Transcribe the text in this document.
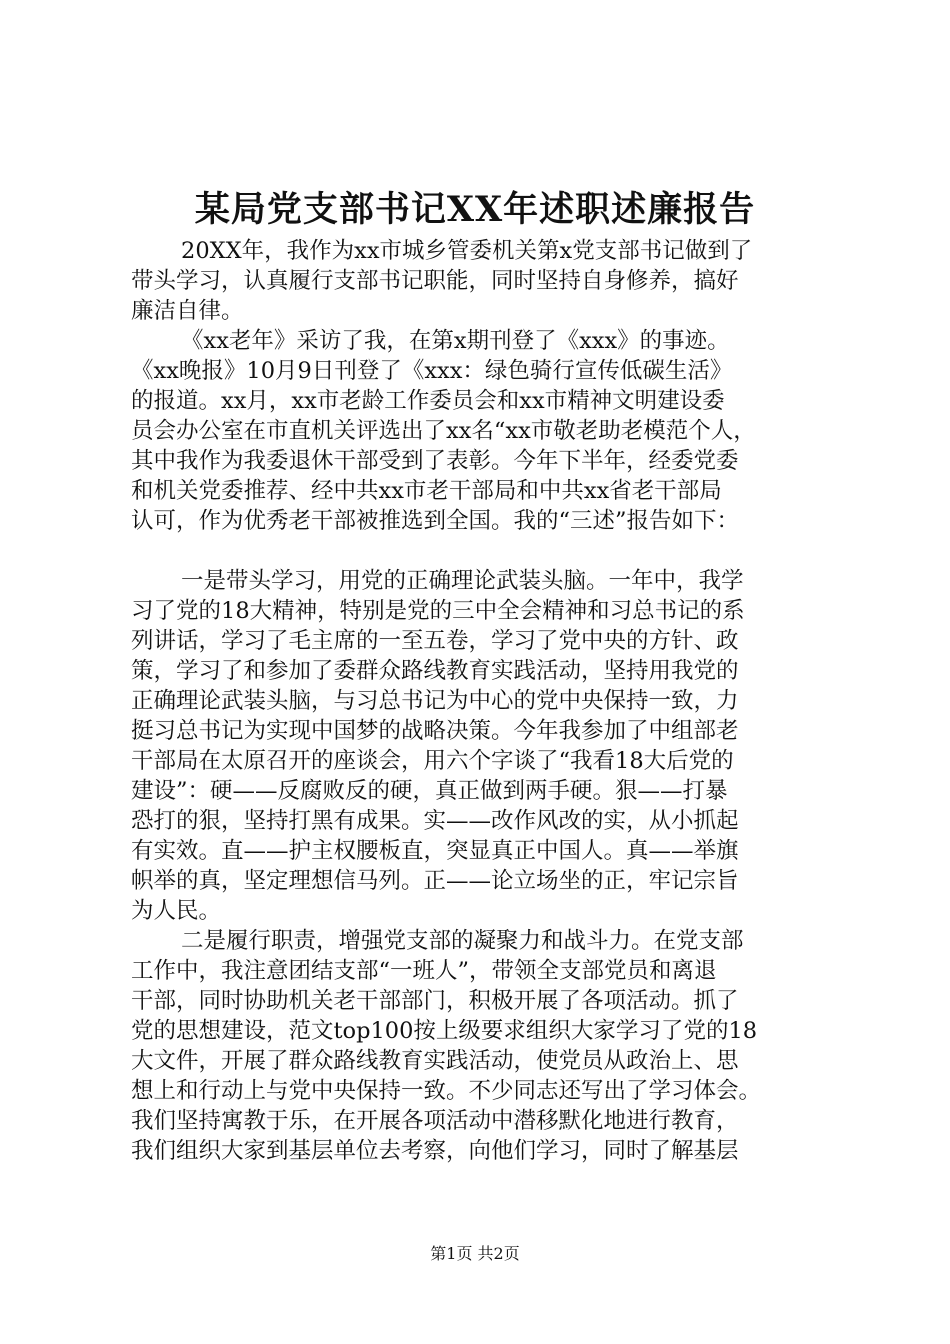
某局党支部书记XX年述职述廉报告
20XX年，我作为xx市城乡管委机关第x党支部书记做到了
带头学习，认真履行支部书记职能，同时坚持自身修养，搞好
廉洁自律。
《xx老年》采访了我，在第x期刊登了《xxx》的事迹。
《xx晚报》10月9日刊登了《xxx：绿色骑行宣传低碳生活》
的报道。xx月，xx市老龄工作委员会和xx市精神文明建设委
员会办公室在市直机关评选出了xx名“xx市敬老助老模范个人，
其中我作为我委退休干部受到了表彰。今年下半年，经委党委
和机关党委推荐、经中共xx市老干部局和中共xx省老干部局
认可，作为优秀老干部被推选到全国。我的“三述”报告如下：
一是带头学习，用党的正确理论武装头脑。一年中，我学
习了党的18大精神，特别是党的三中全会精神和习总书记的系
列讲话，学习了毛主席的一至五卷，学习了党中央的方针、政
策，学习了和参加了委群众路线教育实践活动，坚持用我党的
正确理论武装头脑，与习总书记为中心的党中央保持一致，力
挺习总书记为实现中国梦的战略决策。今年我参加了中组部老
干部局在太原召开的座谈会，用六个字谈了“我看18大后党的
建设”：硬——反腐败反的硬，真正做到两手硬。狠——打暴
恐打的狠，坚持打黑有成果。实——改作风改的实，从小抓起
有实效。直——护主权腰板直，突显真正中国人。真——举旗
帜举的真，坚定理想信马列。正——论立场坐的正，牢记宗旨
为人民。
二是履行职责，增强党支部的凝聚力和战斗力。在党支部
工作中，我注意团结支部“一班人”，带领全支部党员和离退
干部，同时协助机关老干部部门，积极开展了各项活动。抓了
党的思想建设，范文top100按上级要求组织大家学习了党的18
大文件，开展了群众路线教育实践活动，使党员从政治上、思
想上和行动上与党中央保持一致。不少同志还写出了学习体会。
我们坚持寓教于乐，在开展各项活动中潜移默化地进行教育，
我们组织大家到基层单位去考察，向他们学习，同时了解基层
第1页 共2页
